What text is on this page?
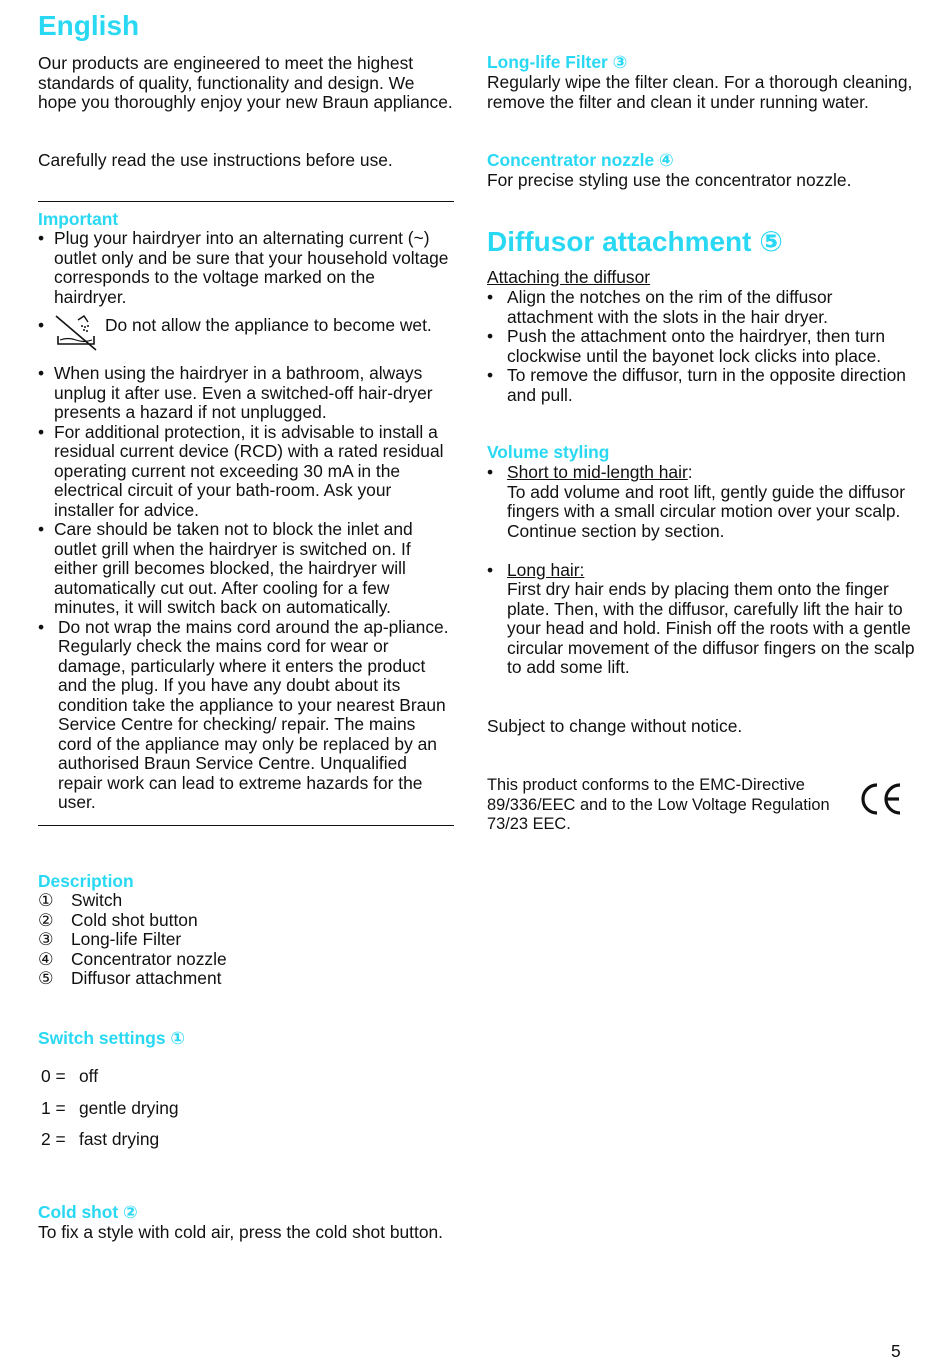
English

Our products are engineered to meet the highest standards of quality, functionality and design. We hope you thoroughly enjoy your new Braun appliance.

Carefully read the use instructions before use.

Important
• Plug your hairdryer into an alternating current (~) outlet only and be sure that your household voltage corresponds to the voltage marked on the hairdryer.
•	Do not allow the appliance to become wet.
• When using the hairdryer in a bathroom, always unplug it after use. Even a switched-off hair-dryer presents a hazard if not unplugged.
• For additional protection, it is advisable to install a residual current device (RCD) with a rated residual operating current not exceeding 30 mA in the electrical circuit of your bath-room. Ask your installer for advice.
• Care should be taken not to block the inlet and outlet grill when the hairdryer is switched on. If either grill becomes blocked, the hairdryer will automatically cut out. After cooling for a few minutes, it will switch back on automatically.
• Do not wrap the mains cord around the ap-pliance. Regularly check the mains cord for wear or damage, particularly where it enters the product and the plug. If you have any doubt about its condition take the appliance to your nearest Braun Service Centre for checking/ repair. The mains cord of the appliance may only be replaced by an authorised Braun Service Centre. Unqualified repair work can lead to extreme hazards for the user.
Description
①	Switch
②	Cold shot button
③	Long-life Filter
④	Concentrator nozzle
⑤	Diffusor attachment
Switch settings ①
0 = off
1 = gentle drying
2 = fast drying
Cold shot ②

To fix a style with cold air, press the cold shot button.

Long-life Filter ③

Regularly wipe the filter clean. For a thorough cleaning, remove the filter and clean it under running water.

Concentrator nozzle ④

For precise styling use the concentrator nozzle.

Diffusor attachment ⑤
Attaching the diffusor
• Align the notches on the rim of the diffusor attachment with the slots in the hair dryer.
• Push the attachment onto the hairdryer, then turn clockwise until the bayonet lock clicks into place.
• To remove the diffusor, turn in the opposite direction and pull.
Volume styling
• Short to mid-length hair:
To add volume and root lift, gently guide the diffusor fingers with a small circular motion over your scalp. Continue section by section.
• Long hair:
First dry hair ends by placing them onto the finger plate. Then, with the diffusor, carefully lift the hair to your head and hold. Finish off the roots with a gentle circular movement of the diffusor fingers on the scalp to add some lift.

Subject to change without notice.

This product conforms to the EMC-Directive 89/336/EEC and to the Low Voltage Regulation 73/23 EEC.

5
